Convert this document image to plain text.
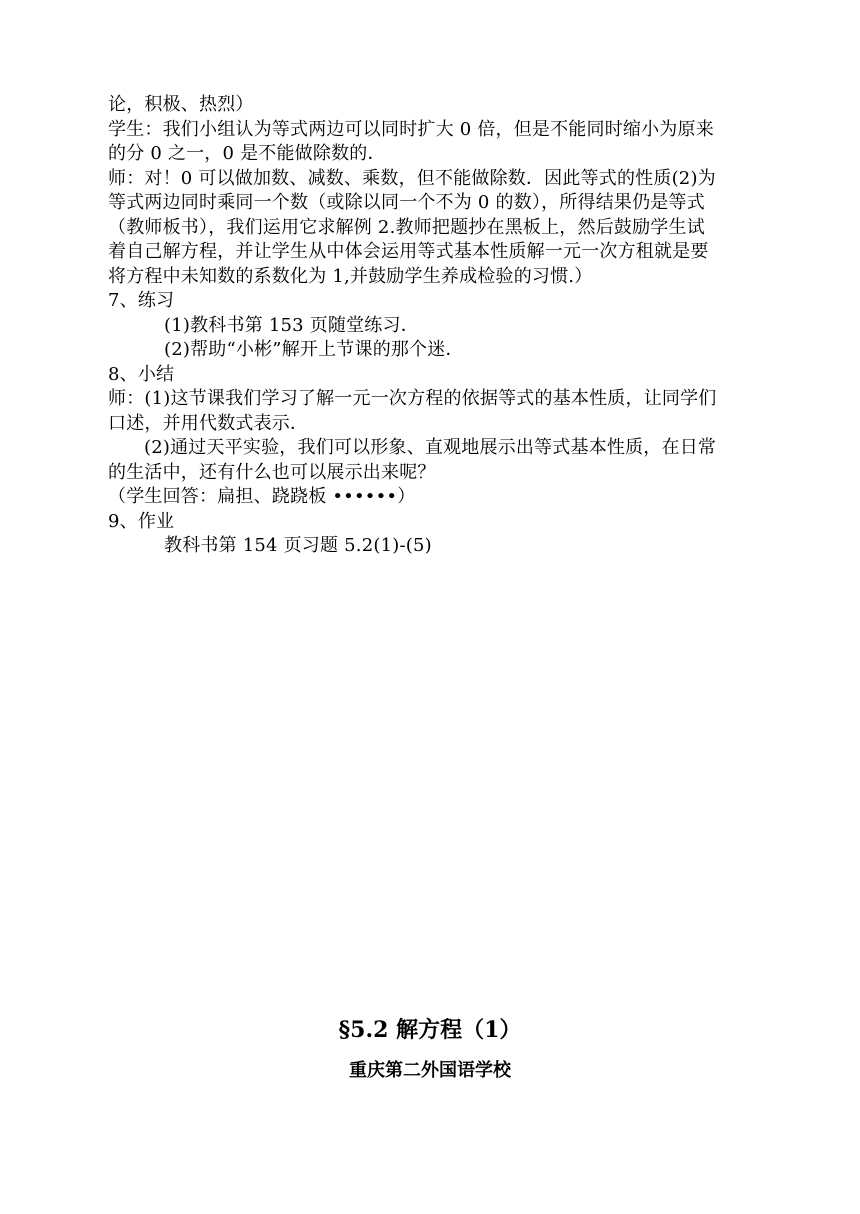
论，积极、热烈）
学生：我们小组认为等式两边可以同时扩大 0 倍，但是不能同时缩小为原来
的分 0 之一，0 是不能做除数的．
师：对！0 可以做加数、减数、乘数，但不能做除数．因此等式的性质(2)为
等式两边同时乘同一个数（或除以同一个不为 0 的数），所得结果仍是等式
（教师板书），我们运用它求解例 2.教师把题抄在黑板上，然后鼓励学生试
着自己解方程，并让学生从中体会运用等式基本性质解一元一次方租就是要
将方程中未知数的系数化为 1,并鼓励学生养成检验的习惯.）
7、练习
(1)教科书第 153 页随堂练习．
(2)帮助“小彬”解开上节课的那个迷．
8、小结
师：(1)这节课我们学习了解一元一次方程的依据等式的基本性质，让同学们
口述，并用代数式表示．
(2)通过天平实验，我们可以形象、直观地展示出等式基本性质，在日常
的生活中，还有什么也可以展示出来呢？
（学生回答：扁担、跷跷板 ••••••）
9、作业
教科书第 154 页习题 5.2(1)-(5)
§5.2 解方程（1）
重庆第二外国语学校
